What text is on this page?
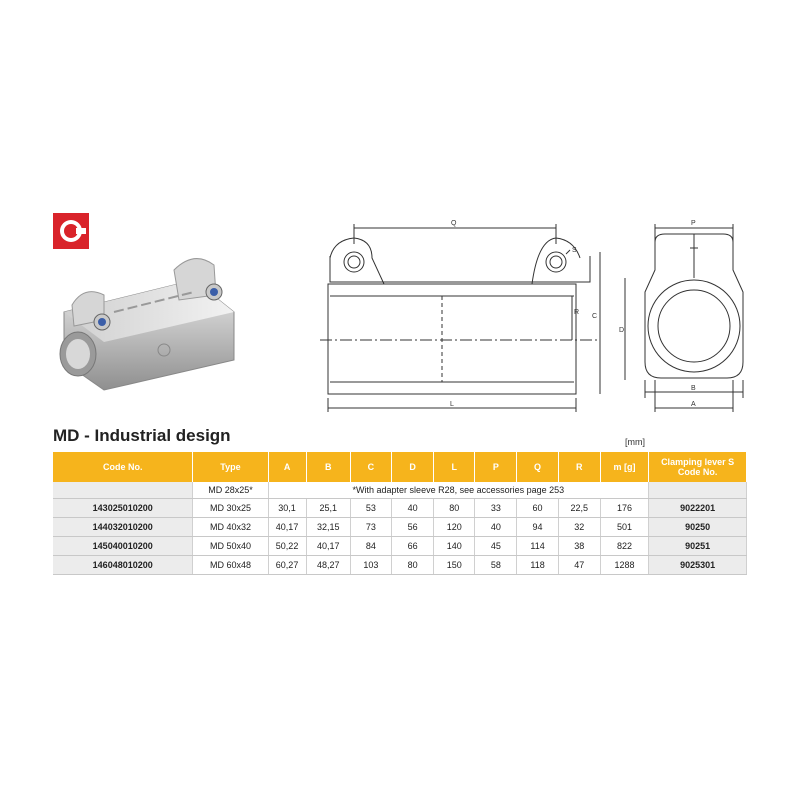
Q
S
R
C
L
P
D
B
A
MD - Industrial design	[mm]
Code No.	Type	A	B	C	D	L	P	Q	R	m [g]	Clamping lever S
Code No.

	MD 28x25*	*With adapter sleeve R28, see accessories page 253									
143025010200	MD 30x25	30,1	25,1	53	40	80	33	60	22,5	176	9022201
144032010200	MD 40x32	40,17	32,15	73	56	120	40	94	32	501	90250
145040010200	MD 50x40	50,22	40,17	84	66	140	45	114	38	822	90251
146048010200	MD 60x48	60,27	48,27	103	80	150	58	118	47	1288	9025301
